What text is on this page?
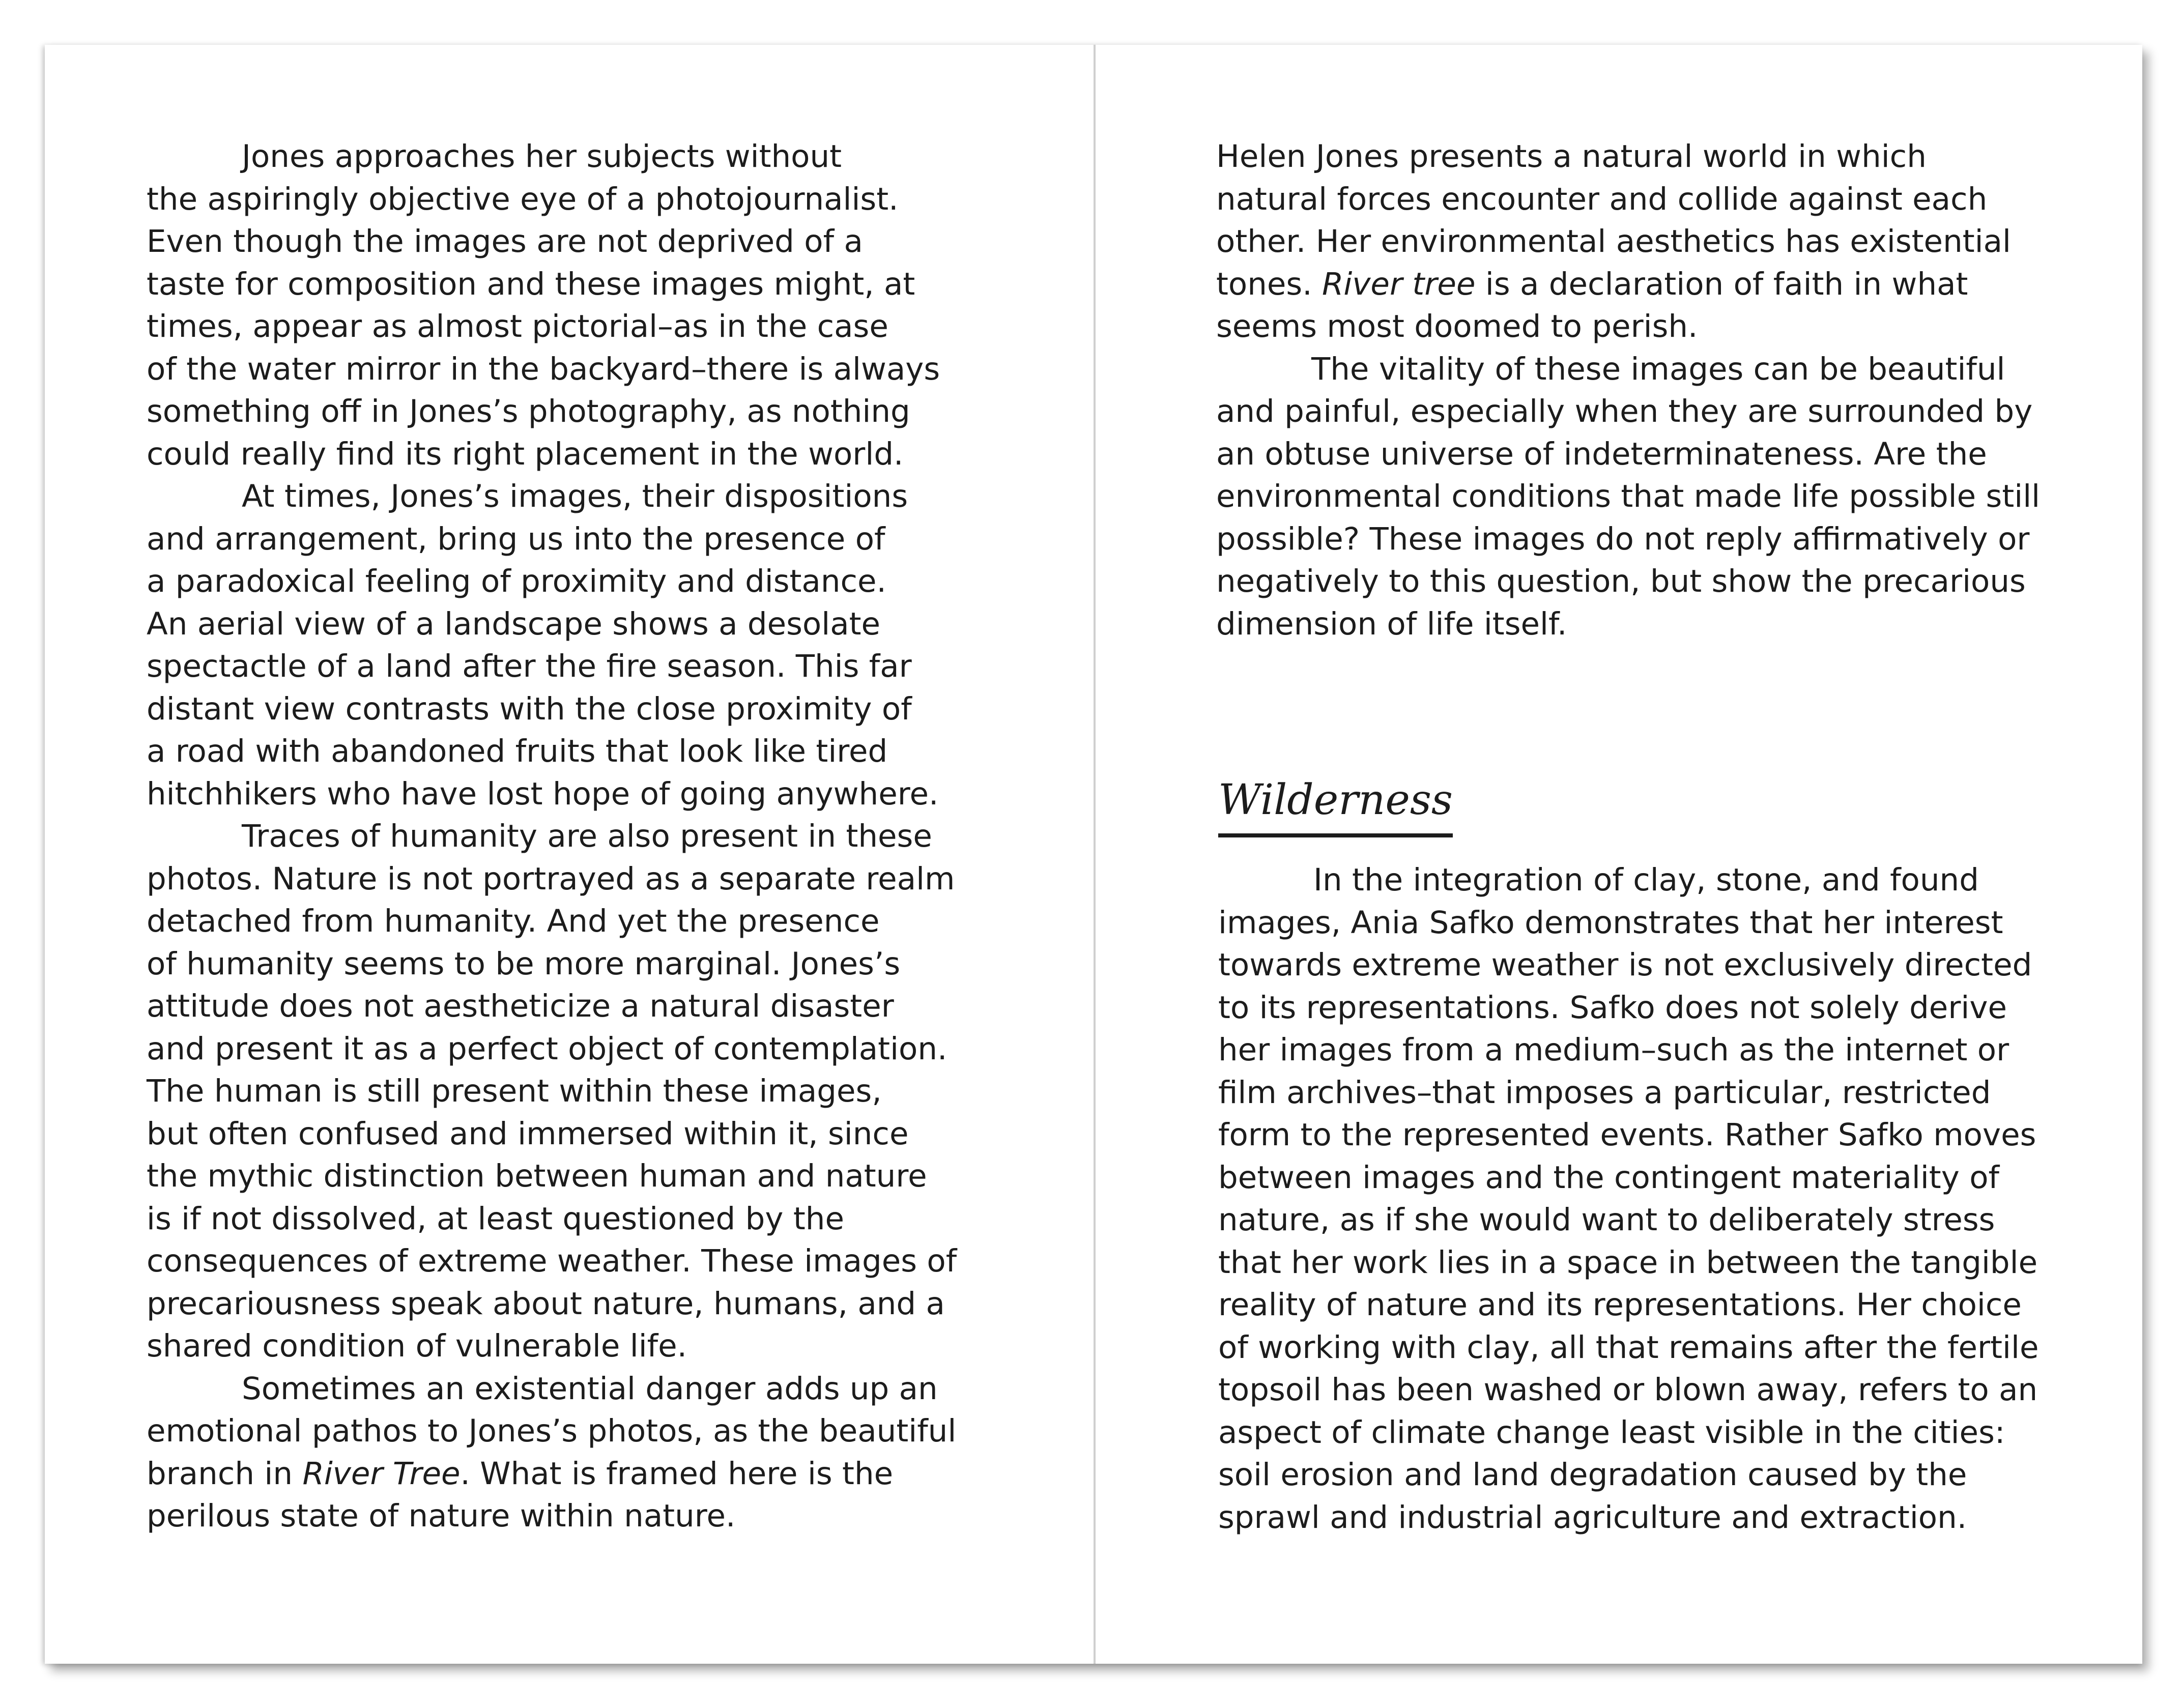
Jones approaches her subjects without
the aspiringly objective eye of a photojournalist.
Even though the images are not deprived of a
taste for composition and these images might, at
times, appear as almost pictorial–as in the case
of the water mirror in the backyard–there is always
something off in Jones’s photography, as nothing
could really find its right placement in the world.
At times, Jones’s images, their dispositions
and arrangement, bring us into the presence of
a paradoxical feeling of proximity and distance.
An aerial view of a landscape shows a desolate
spectactle of a land after the fire season. This far
distant view contrasts with the close proximity of
a road with abandoned fruits that look like tired
hitchhikers who have lost hope of going anywhere.
Traces of humanity are also present in these
photos. Nature is not portrayed as a separate realm
detached from humanity. And yet the presence
of humanity seems to be more marginal. Jones’s
attitude does not aestheticize a natural disaster
and present it as a perfect object of contemplation.
The human is still present within these images,
but often confused and immersed within it, since
the mythic distinction between human and nature
is if not dissolved, at least questioned by the
consequences of extreme weather. These images of
precariousness speak about nature, humans, and a
shared condition of vulnerable life.
Sometimes an existential danger adds up an
emotional pathos to Jones’s photos, as the beautiful
branch in River Tree. What is framed here is the
perilous state of nature within nature.
Helen Jones presents a natural world in which
natural forces encounter and collide against each
other. Her environmental aesthetics has existential
tones. River tree is a declaration of faith in what
seems most doomed to perish.
The vitality of these images can be beautiful
and painful, especially when they are surrounded by
an obtuse universe of indeterminateness. Are the
environmental conditions that made life possible still
possible? These images do not reply affirmatively or
negatively to this question, but show the precarious
dimension of life itself.
Wilderness
In the integration of clay, stone, and found
images, Ania Safko demonstrates that her interest
towards extreme weather is not exclusively directed
to its representations. Safko does not solely derive
her images from a medium–such as the internet or
film archives–that imposes a particular, restricted
form to the represented events. Rather Safko moves
between images and the contingent materiality of
nature, as if she would want to deliberately stress
that her work lies in a space in between the tangible
reality of nature and its representations. Her choice
of working with clay, all that remains after the fertile
topsoil has been washed or blown away, refers to an
aspect of climate change least visible in the cities:
soil erosion and land degradation caused by the
sprawl and industrial agriculture and extraction.
